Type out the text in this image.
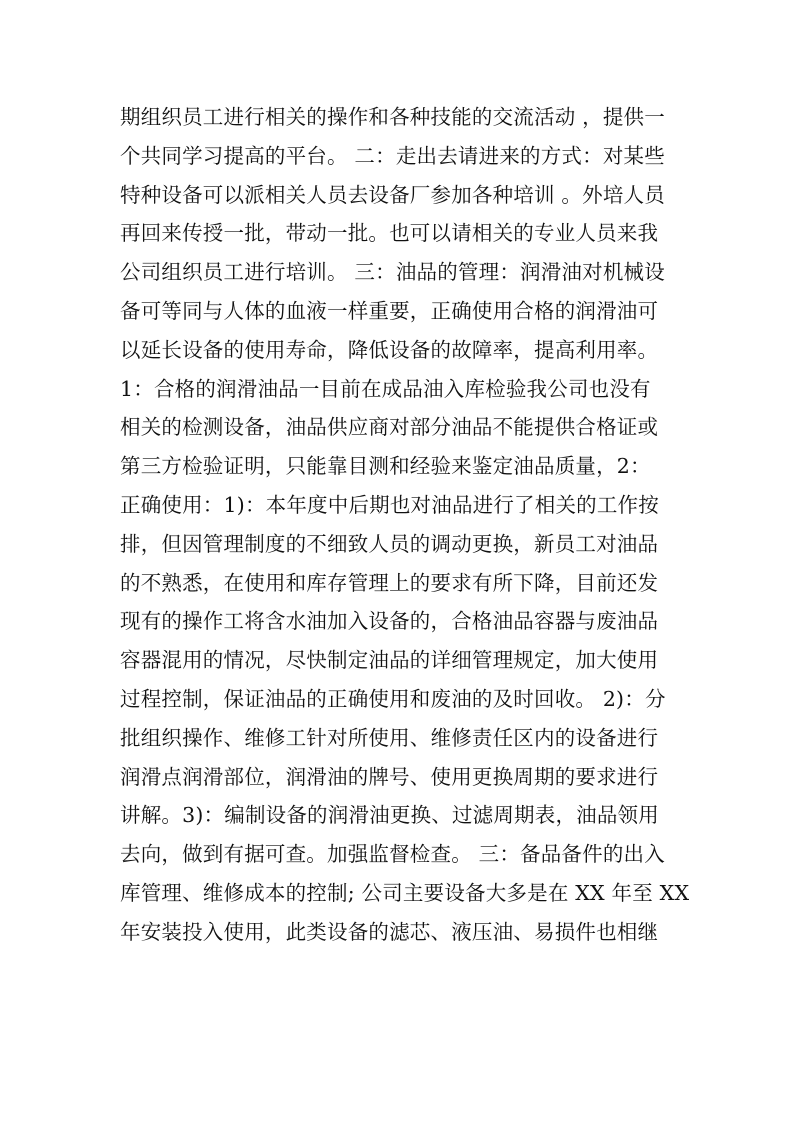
期组织员工进行相关的操作和各种技能的交流活动 ，提供一
个共同学习提高的平台。 二：走出去请进来的方式：对某些
特种设备可以派相关人员去设备厂参加各种培训 。外培人员
再回来传授一批，带动一批。也可以请相关的专业人员来我
公司组织员工进行培训。 三：油品的管理：润滑油对机械设
备可等同与人体的血液一样重要，正确使用合格的润滑油可
以延长设备的使用寿命，降低设备的故障率，提高利用率。
1：合格的润滑油品一目前在成品油入库检验我公司也没有
相关的检测设备，油品供应商对部分油品不能提供合格证或
第三方检验证明，只能靠目测和经验来鉴定油品质量，2：
正确使用：1)：本年度中后期也对油品进行了相关的工作按
排，但因管理制度的不细致人员的调动更换，新员工对油品
的不熟悉，在使用和库存管理上的要求有所下降，目前还发
现有的操作工将含水油加入设备的，合格油品容器与废油品
容器混用的情况，尽快制定油品的详细管理规定，加大使用
过程控制，保证油品的正确使用和废油的及时回收。 2)：分
批组织操作、维修工针对所使用、维修责任区内的设备进行
润滑点润滑部位，润滑油的牌号、使用更换周期的要求进行
讲解。3)：编制设备的润滑油更换、过滤周期表，油品领用
去向，做到有据可查。加强监督检查。 三：备品备件的出入
库管理、维修成本的控制; 公司主要设备大多是在 XX 年至 XX
年安装投入使用，此类设备的滤芯、液压油、易损件也相继
